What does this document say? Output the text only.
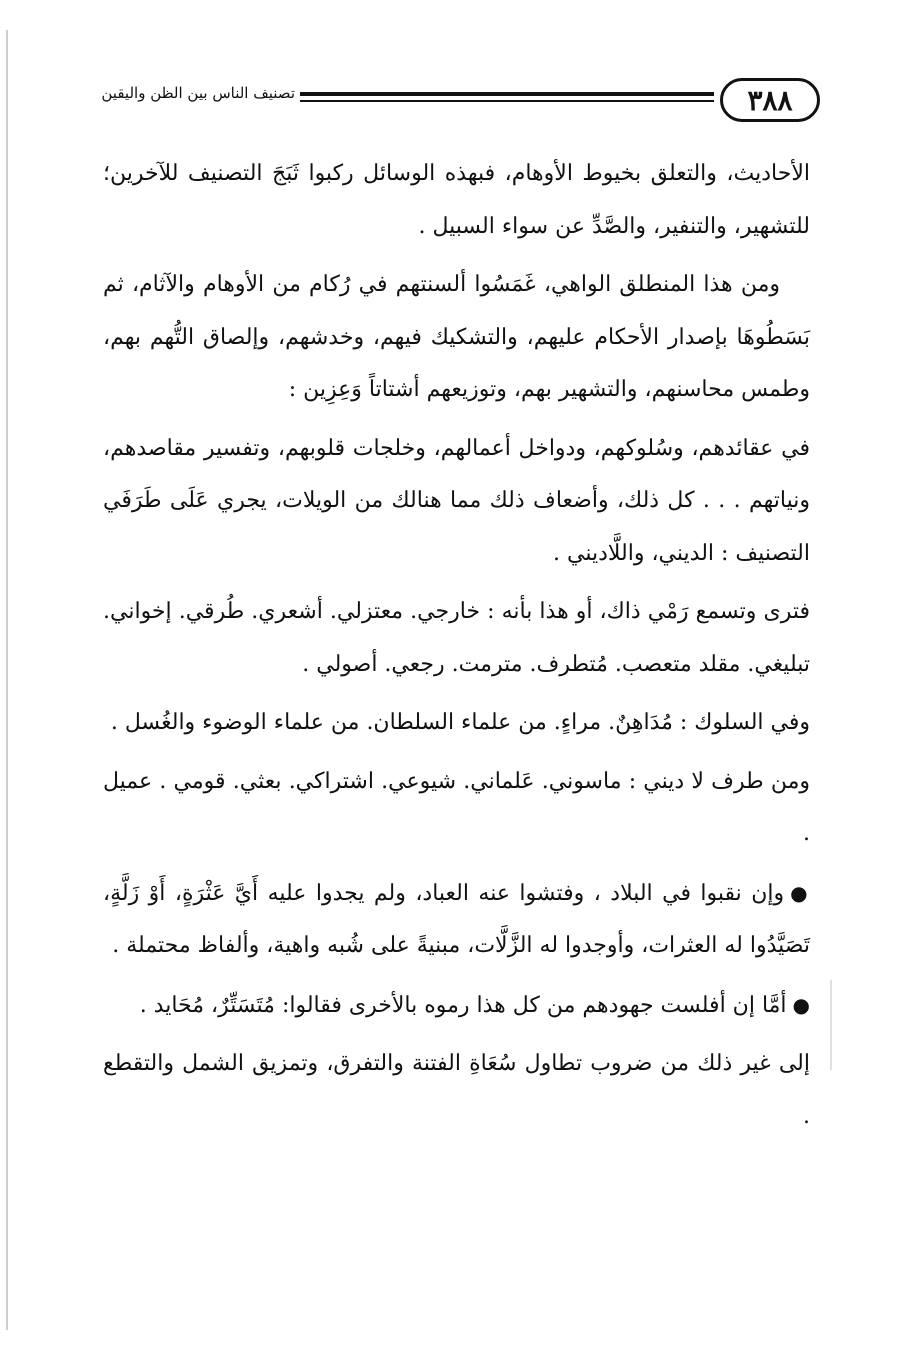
٣٨٨
تصنيف الناس بين الظن واليقين

الأحاديث، والتعلق بخيوط الأوهام، فبهذه الوسائل ركبوا ثَبَجَ التصنيف للآخرين؛ للتشهير، والتنفير، والصَّدِّ عن سواء السبيل .

ومن هذا المنطلق الواهي، غَمَسُوا ألسنتهم في رُكام من الأوهام والآثام، ثم بَسَطُوهَا بإصدار الأحكام عليهم، والتشكيك فيهم، وخدشهم، وإلصاق التُّهم بهم، وطمس محاسنهم، والتشهير بهم، وتوزيعهم أشتاتاً وَعِزِين :

في عقائدهم، وسُلوكهم، ودواخل أعمالهم، وخلجات قلوبهم، وتفسير مقاصدهم، ونياتهم . . . كل ذلك، وأضعاف ذلك مما هنالك من الويلات، يجري عَلَى طَرَفَي التصنيف : الديني، واللَّاديني .

فترى وتسمع رَمْي ذاك، أو هذا بأنه : خارجي. معتزلي. أشعري. طُرقي. إخواني. تبليغي. مقلد متعصب. مُتطرف. مترمت. رجعي. أصولي .

وفي السلوك : مُدَاهِنٌ. مراءٍ. من علماء السلطان. من علماء الوضوء والغُسل .

ومن طرف لا ديني : ماسوني. عَلماني. شيوعي. اشتراكي. بعثي. قومي . عميل .

●وإن نقبوا في البلاد ، وفتشوا عنه العباد، ولم يجدوا عليه أَيَّ عَثْرَةٍ، أَوْ زَلَّةٍ، تَصَيَّدُوا له العثرات، وأوجدوا له الزَّلَّات، مبنيةً على شُبه واهية، وألفاظ محتملة .

●أمَّا إن أفلست جهودهم من كل هذا رموه بالأخرى فقالوا: مُتَسَتِّرٌ، مُحَايد .

إلى غير ذلك من ضروب تطاول سُعَاةِ الفتنة والتفرق، وتمزيق الشمل والتقطع .
